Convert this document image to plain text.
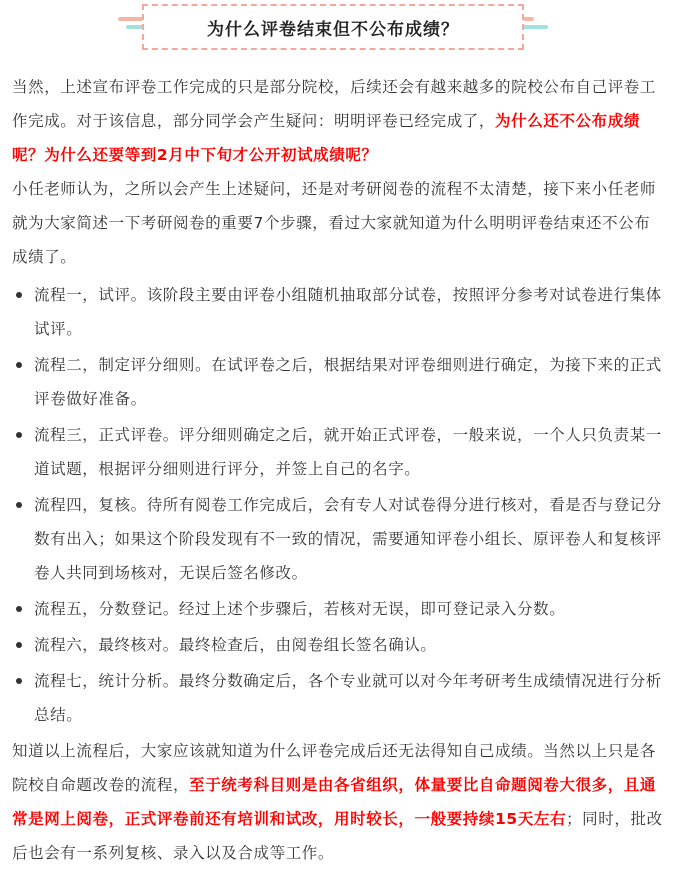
为什么评卷结束但不公布成绩？

当然，上述宣布评卷工作完成的只是部分院校，后续还会有越来越多的院校公布自己评卷工作完成。对于该信息，部分同学会产生疑问：明明评卷已经完成了，为什么还不公布成绩呢？为什么还要等到2月中下旬才公开初试成绩呢？

小任老师认为，之所以会产生上述疑问，还是对考研阅卷的流程不太清楚，接下来小任老师就为大家简述一下考研阅卷的重要7个步骤，看过大家就知道为什么明明评卷结束还不公布成绩了。

流程一，试评。该阶段主要由评卷小组随机抽取部分试卷，按照评分参考对试卷进行集体试评。
流程二，制定评分细则。在试评卷之后，根据结果对评卷细则进行确定，为接下来的正式评卷做好准备。
流程三，正式评卷。评分细则确定之后，就开始正式评卷，一般来说，一个人只负责某一道试题，根据评分细则进行评分，并签上自己的名字。
流程四，复核。待所有阅卷工作完成后，会有专人对试卷得分进行核对，看是否与登记分数有出入；如果这个阶段发现有不一致的情况，需要通知评卷小组长、原评卷人和复核评卷人共同到场核对，无误后签名修改。
流程五，分数登记。经过上述个步骤后，若核对无误，即可登记录入分数。
流程六，最终核对。最终检查后，由阅卷组长签名确认。
流程七，统计分析。最终分数确定后，各个专业就可以对今年考研考生成绩情况进行分析总结。

知道以上流程后，大家应该就知道为什么评卷完成后还无法得知自己成绩。当然以上只是各院校自命题改卷的流程，至于统考科目则是由各省组织，体量要比自命题阅卷大很多，且通常是网上阅卷，正式评卷前还有培训和试改，用时较长，一般要持续15天左右；同时，批改后也会有一系列复核、录入以及合成等工作。
